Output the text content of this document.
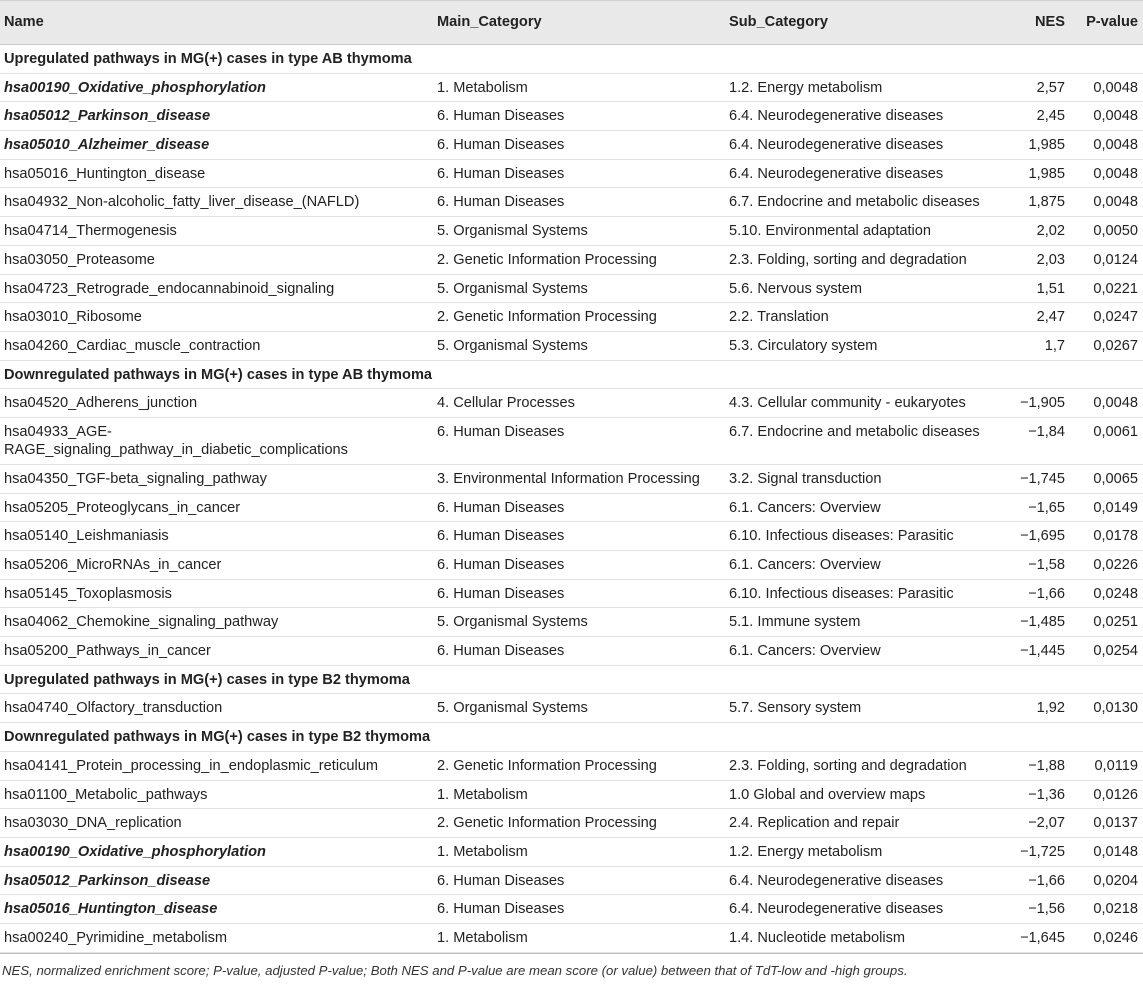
Name	Main_Category	Sub_Category	NES	P-value
Upregulated pathways in MG(+) cases in type AB thymoma				
hsa00190_Oxidative_phosphorylation	1. Metabolism	1.2. Energy metabolism	2,57	0,0048
hsa05012_Parkinson_disease	6. Human Diseases	6.4. Neurodegenerative diseases	2,45	0,0048
hsa05010_Alzheimer_disease	6. Human Diseases	6.4. Neurodegenerative diseases	1,985	0,0048
hsa05016_Huntington_disease	6. Human Diseases	6.4. Neurodegenerative diseases	1,985	0,0048
hsa04932_Non-alcoholic_fatty_liver_disease_(NAFLD)	6. Human Diseases	6.7. Endocrine and metabolic diseases	1,875	0,0048
hsa04714_Thermogenesis	5. Organismal Systems	5.10. Environmental adaptation	2,02	0,0050
hsa03050_Proteasome	2. Genetic Information Processing	2.3. Folding, sorting and degradation	2,03	0,0124
hsa04723_Retrograde_endocannabinoid_signaling	5. Organismal Systems	5.6. Nervous system	1,51	0,0221
hsa03010_Ribosome	2. Genetic Information Processing	2.2. Translation	2,47	0,0247
hsa04260_Cardiac_muscle_contraction	5. Organismal Systems	5.3. Circulatory system	1,7	0,0267
Downregulated pathways in MG(+) cases in type AB thymoma				
hsa04520_Adherens_junction	4. Cellular Processes	4.3. Cellular community - eukaryotes	−1,905	0,0048
hsa04933_AGE-
RAGE_signaling_pathway_in_diabetic_complications	6. Human Diseases	6.7. Endocrine and metabolic diseases	−1,84	0,0061
hsa04350_TGF-beta_signaling_pathway	3. Environmental Information Processing	3.2. Signal transduction	−1,745	0,0065
hsa05205_Proteoglycans_in_cancer	6. Human Diseases	6.1. Cancers: Overview	−1,65	0,0149
hsa05140_Leishmaniasis	6. Human Diseases	6.10. Infectious diseases: Parasitic	−1,695	0,0178
hsa05206_MicroRNAs_in_cancer	6. Human Diseases	6.1. Cancers: Overview	−1,58	0,0226
hsa05145_Toxoplasmosis	6. Human Diseases	6.10. Infectious diseases: Parasitic	−1,66	0,0248
hsa04062_Chemokine_signaling_pathway	5. Organismal Systems	5.1. Immune system	−1,485	0,0251
hsa05200_Pathways_in_cancer	6. Human Diseases	6.1. Cancers: Overview	−1,445	0,0254
Upregulated pathways in MG(+) cases in type B2 thymoma				
hsa04740_Olfactory_transduction	5. Organismal Systems	5.7. Sensory system	1,92	0,0130
Downregulated pathways in MG(+) cases in type B2 thymoma				
hsa04141_Protein_processing_in_endoplasmic_reticulum	2. Genetic Information Processing	2.3. Folding, sorting and degradation	−1,88	0,0119
hsa01100_Metabolic_pathways	1. Metabolism	1.0 Global and overview maps	−1,36	0,0126
hsa03030_DNA_replication	2. Genetic Information Processing	2.4. Replication and repair	−2,07	0,0137
hsa00190_Oxidative_phosphorylation	1. Metabolism	1.2. Energy metabolism	−1,725	0,0148
hsa05012_Parkinson_disease	6. Human Diseases	6.4. Neurodegenerative diseases	−1,66	0,0204
hsa05016_Huntington_disease	6. Human Diseases	6.4. Neurodegenerative diseases	−1,56	0,0218
hsa00240_Pyrimidine_metabolism	1. Metabolism	1.4. Nucleotide metabolism	−1,645	0,0246
NES, normalized enrichment score; P-value, adjusted P-value; Both NES and P-value are mean score (or value) between that of TdT-low and -high groups.
